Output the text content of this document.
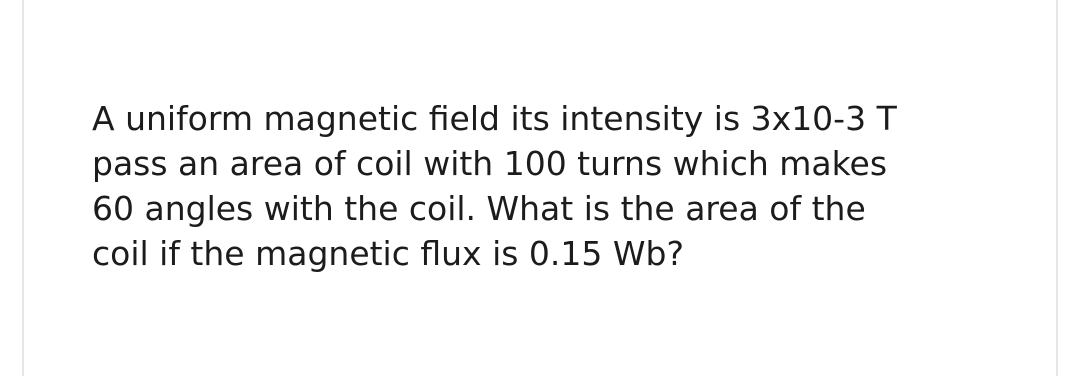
A uniform magnetic field its intensity is 3x10-3 T
pass an area of coil with 100 turns which makes
60 angles with the coil. What is the area of the
coil if the magnetic flux is 0.15 Wb?
